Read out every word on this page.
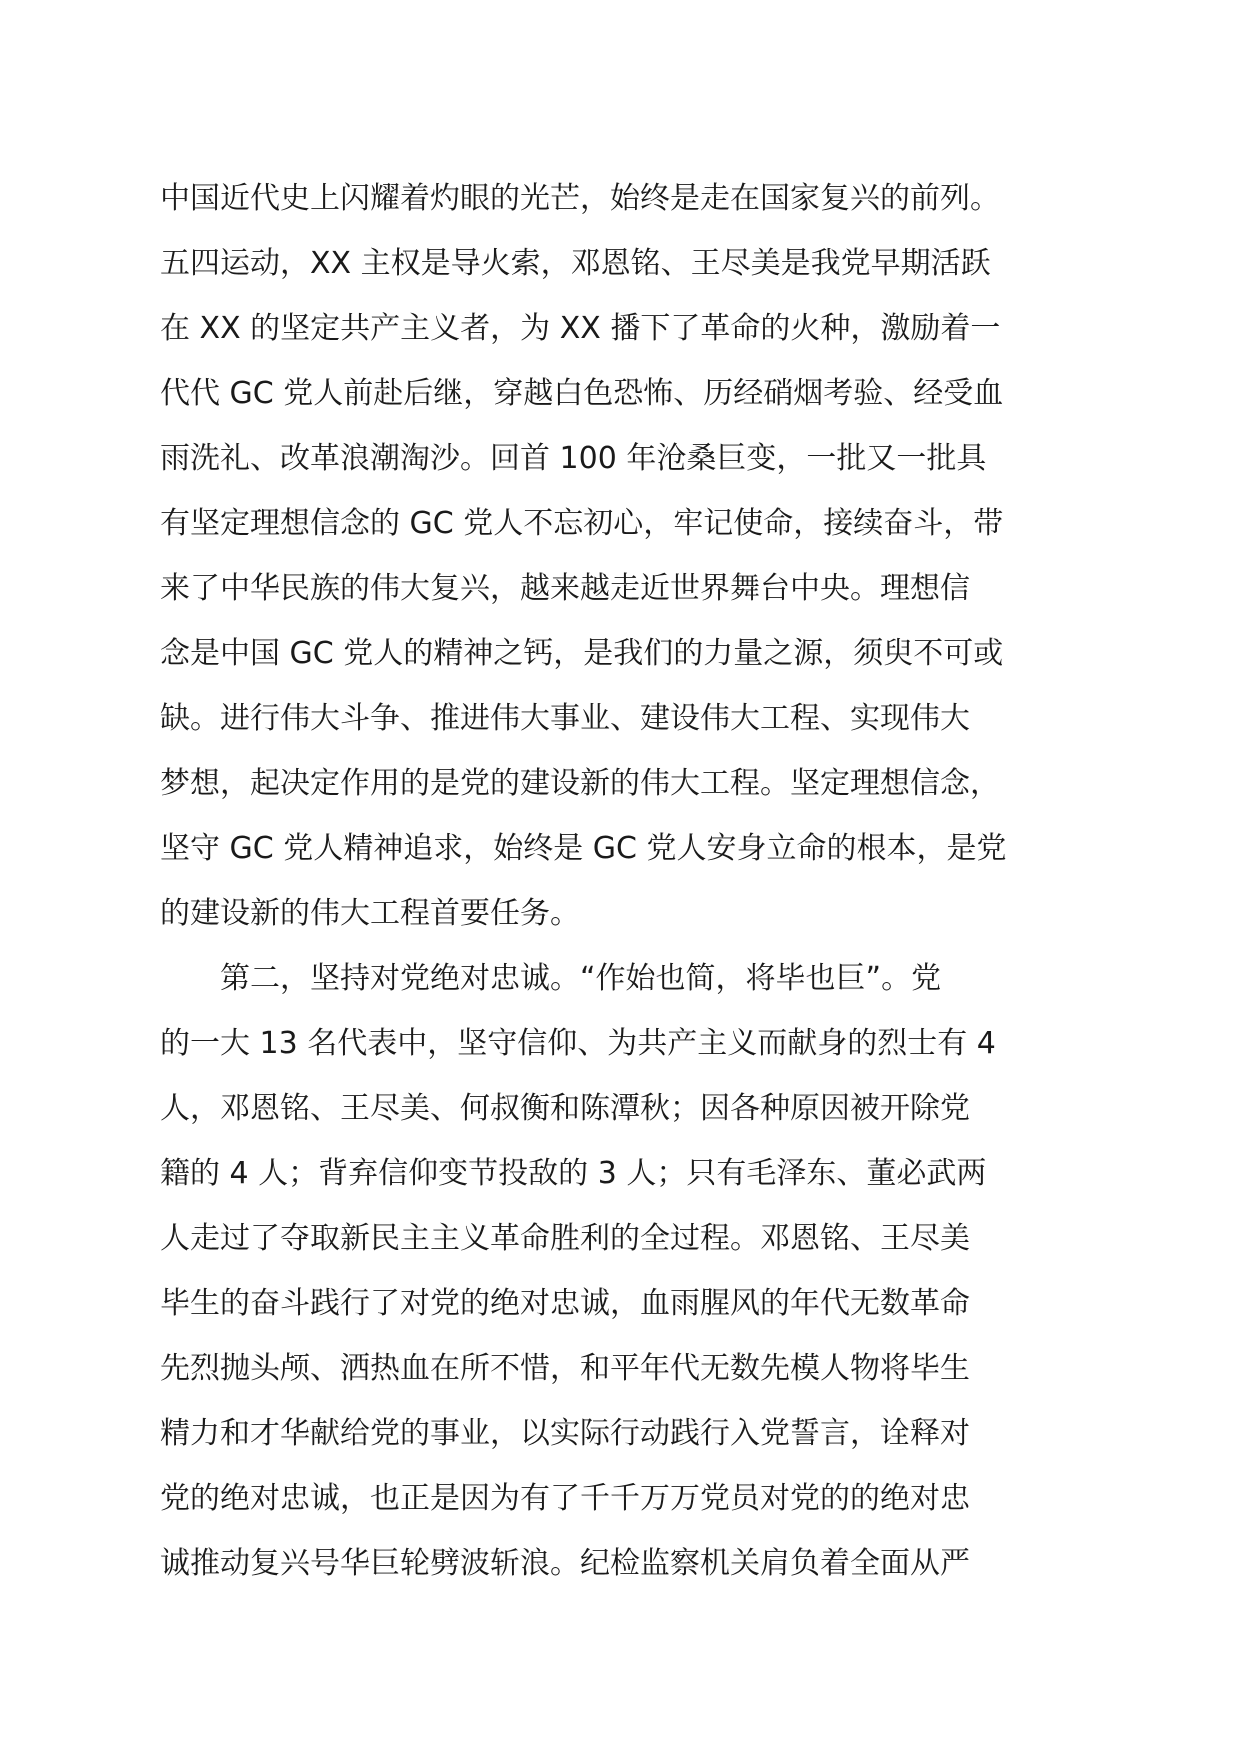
中国近代史上闪耀着灼眼的光芒，始终是走在国家复兴的前列。
五四运动，XX 主权是导火索，邓恩铭、王尽美是我党早期活跃
在 XX 的坚定共产主义者，为 XX 播下了革命的火种，激励着一
代代 GC 党人前赴后继，穿越白色恐怖、历经硝烟考验、经受血
雨洗礼、改革浪潮淘沙。回首 100 年沧桑巨变，一批又一批具
有坚定理想信念的 GC 党人不忘初心，牢记使命，接续奋斗，带
来了中华民族的伟大复兴，越来越走近世界舞台中央。理想信
念是中国 GC 党人的精神之钙，是我们的力量之源，须臾不可或
缺。进行伟大斗争、推进伟大事业、建设伟大工程、实现伟大
梦想，起决定作用的是党的建设新的伟大工程。坚定理想信念，
坚守 GC 党人精神追求，始终是 GC 党人安身立命的根本，是党
的建设新的伟大工程首要任务。
　　第二，坚持对党绝对忠诚。“作始也简，将毕也巨”。党
的一大 13 名代表中，坚守信仰、为共产主义而献身的烈士有 4
人，邓恩铭、王尽美、何叔衡和陈潭秋；因各种原因被开除党
籍的 4 人；背弃信仰变节投敌的 3 人；只有毛泽东、董必武两
人走过了夺取新民主主义革命胜利的全过程。邓恩铭、王尽美
毕生的奋斗践行了对党的绝对忠诚，血雨腥风的年代无数革命
先烈抛头颅、洒热血在所不惜，和平年代无数先模人物将毕生
精力和才华献给党的事业，以实际行动践行入党誓言，诠释对
党的绝对忠诚，也正是因为有了千千万万党员对党的的绝对忠
诚推动复兴号华巨轮劈波斩浪。纪检监察机关肩负着全面从严
